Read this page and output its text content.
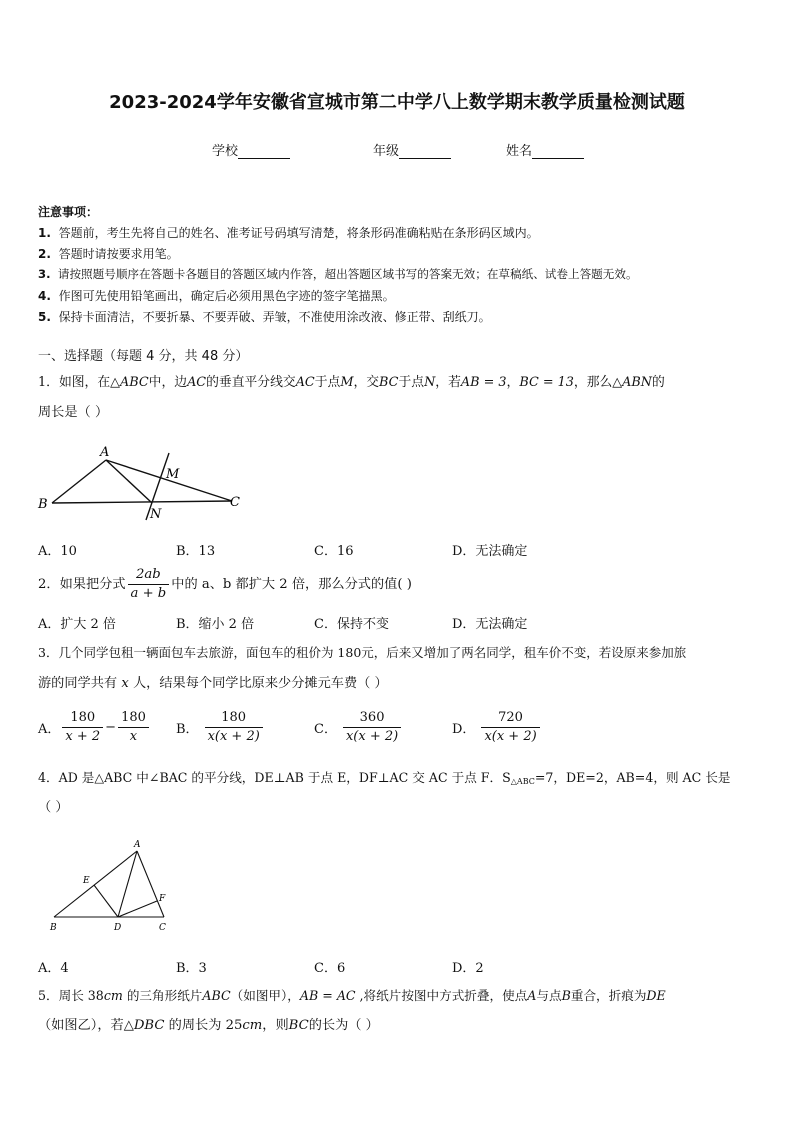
2023-2024学年安徽省宣城市第二中学八上数学期末教学质量检测试题
学校	年级	姓名
注意事项：
1. 答题前，考生先将自己的姓名、准考证号码填写清楚，将条形码准确粘贴在条形码区域内。
2. 答题时请按要求用笔。
3. 请按照题号顺序在答题卡各题目的答题区域内作答，超出答题区域书写的答案无效；在草稿纸、试卷上答题无效。
4. 作图可先使用铅笔画出，确定后必须用黑色字迹的签字笔描黑。
5. 保持卡面清洁，不要折暴、不要弄破、弄皱，不准使用涂改液、修正带、刮纸刀。
一、选择题（每题 4 分，共 48 分）
1．如图，在△ABC中，边AC的垂直平分线交AC于点M，交BC于点N，若AB = 3，BC = 13，那么△ABN的
周长是（ ）
A
B	C
M
N
A．10	B．13	C．16	D．无法确定
2．如果把分式 $\frac{2ab}{a + b}$ 中的 a、b 都扩大 2 倍，那么分式的值( )
A．扩大 2 倍	B．缩小 2 倍	C．保持不变	D．无法确定
3．几个同学包租一辆面包车去旅游，面包车的租价为 180元，后来又增加了两名同学，租车价不变，若设原来参加旅
游的同学共有 x 人，结果每个同学比原来少分摊元车费（ ）
A． $\frac{180}{x + 2} - \frac{180}{x}$ B． $\frac{180}{x(x + 2)}$	C． $\frac{360}{x(x + 2)}$	D． $\frac{720}{x(x + 2)}$
4．AD 是△ABC 中∠BAC 的平分线，DE⊥AB 于点 E，DF⊥AC 交 AC 于点 F．$S_{\triangle ABC}=7$，DE=2，AB=4，则 AC 长是
（ ）
A
B	C
D
E
F
A．4	B．3	C．6	D．2
5．周长 38cm 的三角形纸片ABC（如图甲），AB = AC ,将纸片按图中方式折叠，使点A与点B重合，折痕为DE
（如图乙），若△DBC 的周长为 25cm，则BC的长为（ ）
